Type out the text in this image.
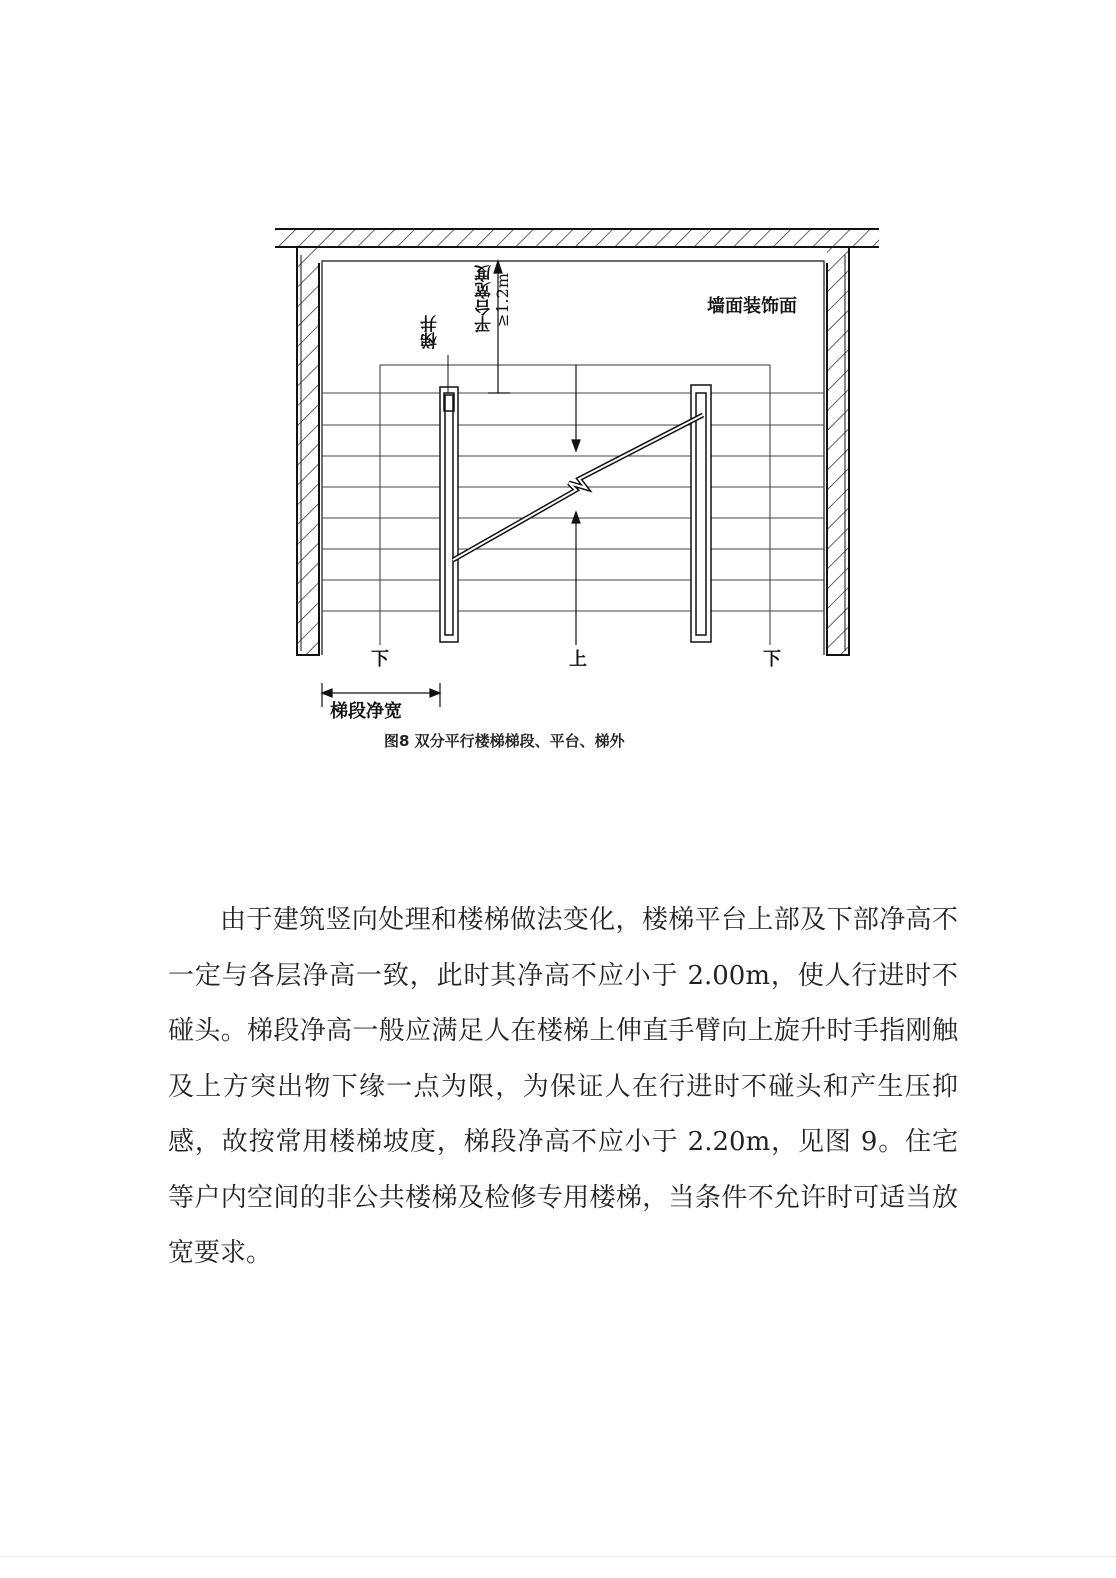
墙面装饰面
梯井 平台宽度
≥1.2m
下	上	下
梯段净宽
图8 双分平行楼梯梯段、平台、梯外

由于建筑竖向处理和楼梯做法变化，楼梯平台上部及下部净高不一定与各层净高一致，此时其净高不应小于 2.00m，使人行进时不碰头。梯段净高一般应满足人在楼梯上伸直手臂向上旋升时手指刚触及上方突出物下缘一点为限，为保证人在行进时不碰头和产生压抑感，故按常用楼梯坡度，梯段净高不应小于 2.20m，见图 9。住宅等户内空间的非公共楼梯及检修专用楼梯，当条件不允许时可适当放宽要求。
